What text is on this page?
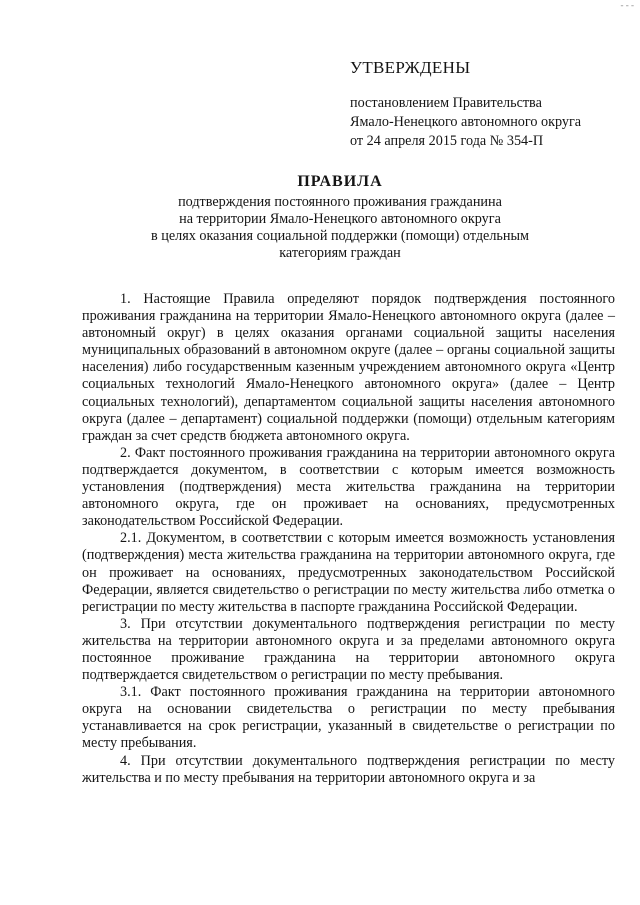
- - -
УТВЕРЖДЕНЫ
постановлением Правительства
Ямало-Ненецкого автономного округа
от 24 апреля 2015 года № 354-П
ПРАВИЛА
подтверждения постоянного проживания гражданина
на территории Ямало-Ненецкого автономного округа
в целях оказания социальной поддержки (помощи) отдельным
категориям граждан

1. Настоящие Правила определяют порядок подтверждения постоянного проживания гражданина на территории Ямало-Ненецкого автономного округа (далее – автономный округ) в целях оказания органами социальной защиты населения муниципальных образований в автономном округе (далее – органы социальной защиты населения) либо государственным казенным учреждением автономного округа «Центр социальных технологий Ямало-Ненецкого автономного округа» (далее – Центр социальных технологий), департаментом социальной защиты населения автономного округа (далее – департамент) социальной поддержки (помощи) отдельным категориям граждан за счет средств бюджета автономного округа.

2. Факт постоянного проживания гражданина на территории автономного округа подтверждается документом, в соответствии с которым имеется возможность установления (подтверждения) места жительства гражданина на территории автономного округа, где он проживает на основаниях, предусмотренных законодательством Российской Федерации.

2.1. Документом, в соответствии с которым имеется возможность установления (подтверждения) места жительства гражданина на территории автономного округа, где он проживает на основаниях, предусмотренных законодательством Российской Федерации, является свидетельство о регистрации по месту жительства либо отметка о регистрации по месту жительства в паспорте гражданина Российской Федерации.

3. При отсутствии документального подтверждения регистрации по месту жительства на территории автономного округа и за пределами автономного округа постоянное проживание гражданина на территории автономного округа подтверждается свидетельством о регистрации по месту пребывания.

3.1. Факт постоянного проживания гражданина на территории автономного округа на основании свидетельства о регистрации по месту пребывания устанавливается на срок регистрации, указанный в свидетельстве о регистрации по месту пребывания.

4. При отсутствии документального подтверждения регистрации по месту жительства и по месту пребывания на территории автономного округа и за
